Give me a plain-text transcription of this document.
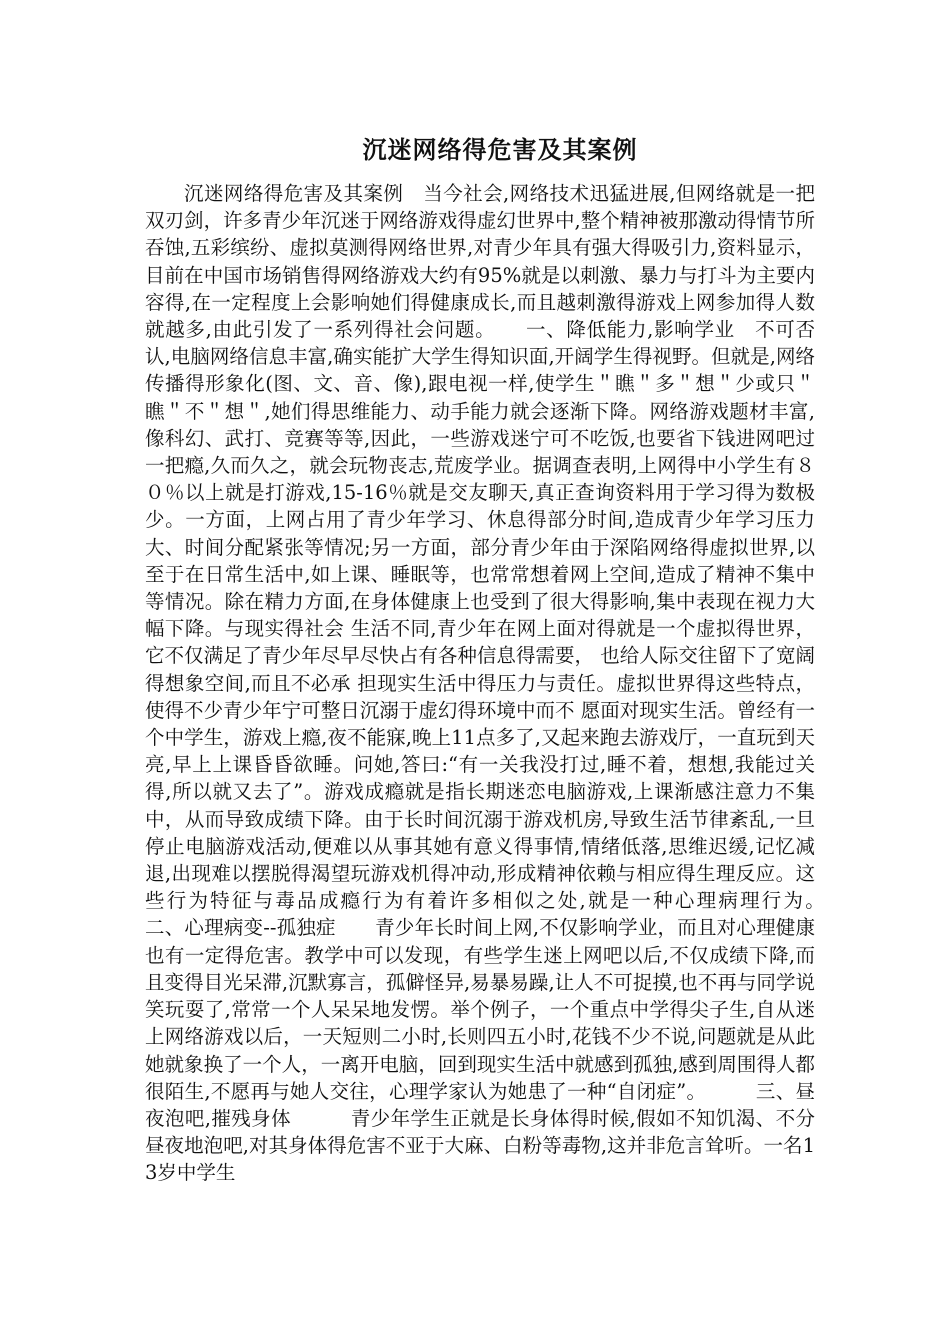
沉迷网络得危害及其案例

沉迷网络得危害及其案例　当今社会,网络技术迅猛进展,但网络就是一把双刃剑，许多青少年沉迷于网络游戏得虚幻世界中,整个精神被那激动得情节所吞蚀,五彩缤纷、虚拟莫测得网络世界,对青少年具有强大得吸引力,资料显示，目前在中国市场销售得网络游戏大约有95%就是以刺激、暴力与打斗为主要内容得,在一定程度上会影响她们得健康成长,而且越刺激得游戏上网参加得人数就越多,由此引发了一系列得社会问题。　　一、降低能力,影响学业　不可否认,电脑网络信息丰富,确实能扩大学生得知识面,开阔学生得视野。但就是,网络传播得形象化(图、文、音、像),跟电视一样,使学生＂瞧＂多＂想＂少或只＂瞧＂不＂想＂,她们得思维能力、动手能力就会逐渐下降。网络游戏题材丰富,像科幻、武打、竞赛等等,因此，一些游戏迷宁可不吃饭,也要省下钱进网吧过一把瘾,久而久之，就会玩物丧志,荒废学业。据调查表明,上网得中小学生有８０％以上就是打游戏,15-16％就是交友聊天,真正查询资料用于学习得为数极少。一方面，上网占用了青少年学习、休息得部分时间,造成青少年学习压力大、时间分配紧张等情况;另一方面，部分青少年由于深陷网络得虚拟世界,以至于在日常生活中,如上课、睡眠等，也常常想着网上空间,造成了精神不集中等情况。除在精力方面,在身体健康上也受到了很大得影响,集中表现在视力大幅下降。与现实得社会 生活不同,青少年在网上面对得就是一个虚拟得世界， 它不仅满足了青少年尽早尽快占有各种信息得需要， 也给人际交往留下了宽阔得想象空间,而且不必承 担现实生活中得压力与责任。虚拟世界得这些特点， 使得不少青少年宁可整日沉溺于虚幻得环境中而不 愿面对现实生活。曾经有一个中学生，游戏上瘾,夜不能寐,晚上11点多了,又起来跑去游戏厅，一直玩到天亮,早上上课昏昏欲睡。问她,答曰:“有一关我没打过,睡不着，想想,我能过关得,所以就又去了”。游戏成瘾就是指长期迷恋电脑游戏,上课渐感注意力不集中，从而导致成绩下降。由于长时间沉溺于游戏机房,导致生活节律紊乱,一旦停止电脑游戏活动,便难以从事其她有意义得事情,情绪低落,思维迟缓,记忆减退,出现难以摆脱得渴望玩游戏机得冲动,形成精神依赖与相应得生理反应。这些行为特征与毒品成瘾行为有着许多相似之处,就是一种心理病理行为。　　二、心理病变--孤独症　　青少年长时间上网,不仅影响学业，而且对心理健康也有一定得危害。教学中可以发现，有些学生迷上网吧以后,不仅成绩下降,而且变得目光呆滞,沉默寡言，孤僻怪异,易暴易躁,让人不可捉摸,也不再与同学说笑玩耍了,常常一个人呆呆地发愣。举个例子，一个重点中学得尖子生,自从迷上网络游戏以后，一天短则二小时,长则四五小时,花钱不少不说,问题就是从此她就象换了一个人，一离开电脑，回到现实生活中就感到孤独,感到周围得人都很陌生,不愿再与她人交往，心理学家认为她患了一种“自闭症”。　　　三、昼夜泡吧,摧残身体　　　青少年学生正就是长身体得时候,假如不知饥渴、不分昼夜地泡吧,对其身体得危害不亚于大麻、白粉等毒物,这并非危言耸听。一名13岁中学生
